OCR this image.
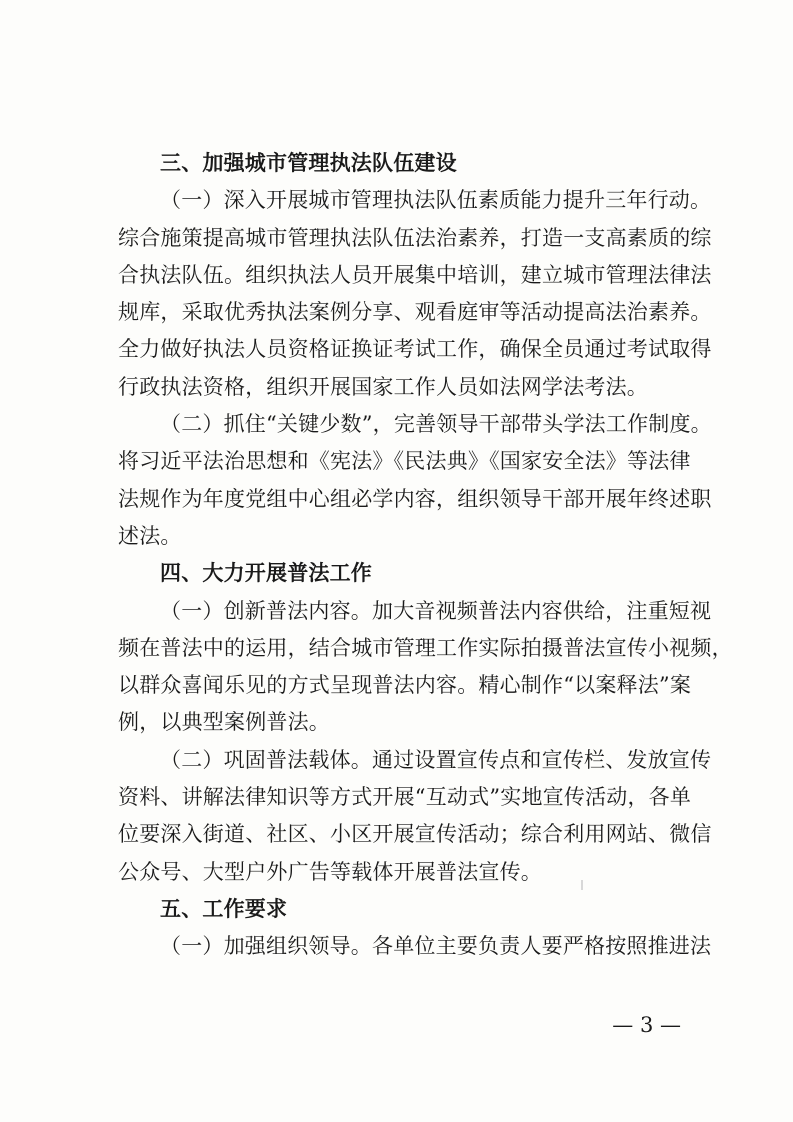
三、加强城市管理执法队伍建设
（一）深入开展城市管理执法队伍素质能力提升三年行动。
综合施策提高城市管理执法队伍法治素养，打造一支高素质的综
合执法队伍。组织执法人员开展集中培训，建立城市管理法律法
规库，采取优秀执法案例分享、观看庭审等活动提高法治素养。
全力做好执法人员资格证换证考试工作，确保全员通过考试取得
行政执法资格，组织开展国家工作人员如法网学法考法。
（二）抓住“关键少数”，完善领导干部带头学法工作制度。
将习近平法治思想和《宪法》《民法典》《国家安全法》等法律
法规作为年度党组中心组必学内容，组织领导干部开展年终述职
述法。
四、大力开展普法工作
（一）创新普法内容。加大音视频普法内容供给，注重短视
频在普法中的运用，结合城市管理工作实际拍摄普法宣传小视频，
以群众喜闻乐见的方式呈现普法内容。精心制作“以案释法”案
例，以典型案例普法。
（二）巩固普法载体。通过设置宣传点和宣传栏、发放宣传
资料、讲解法律知识等方式开展“互动式”实地宣传活动，各单
位要深入街道、社区、小区开展宣传活动；综合利用网站、微信
公众号、大型户外广告等载体开展普法宣传。
五、工作要求
（一）加强组织领导。各单位主要负责人要严格按照推进法
— 3 —
